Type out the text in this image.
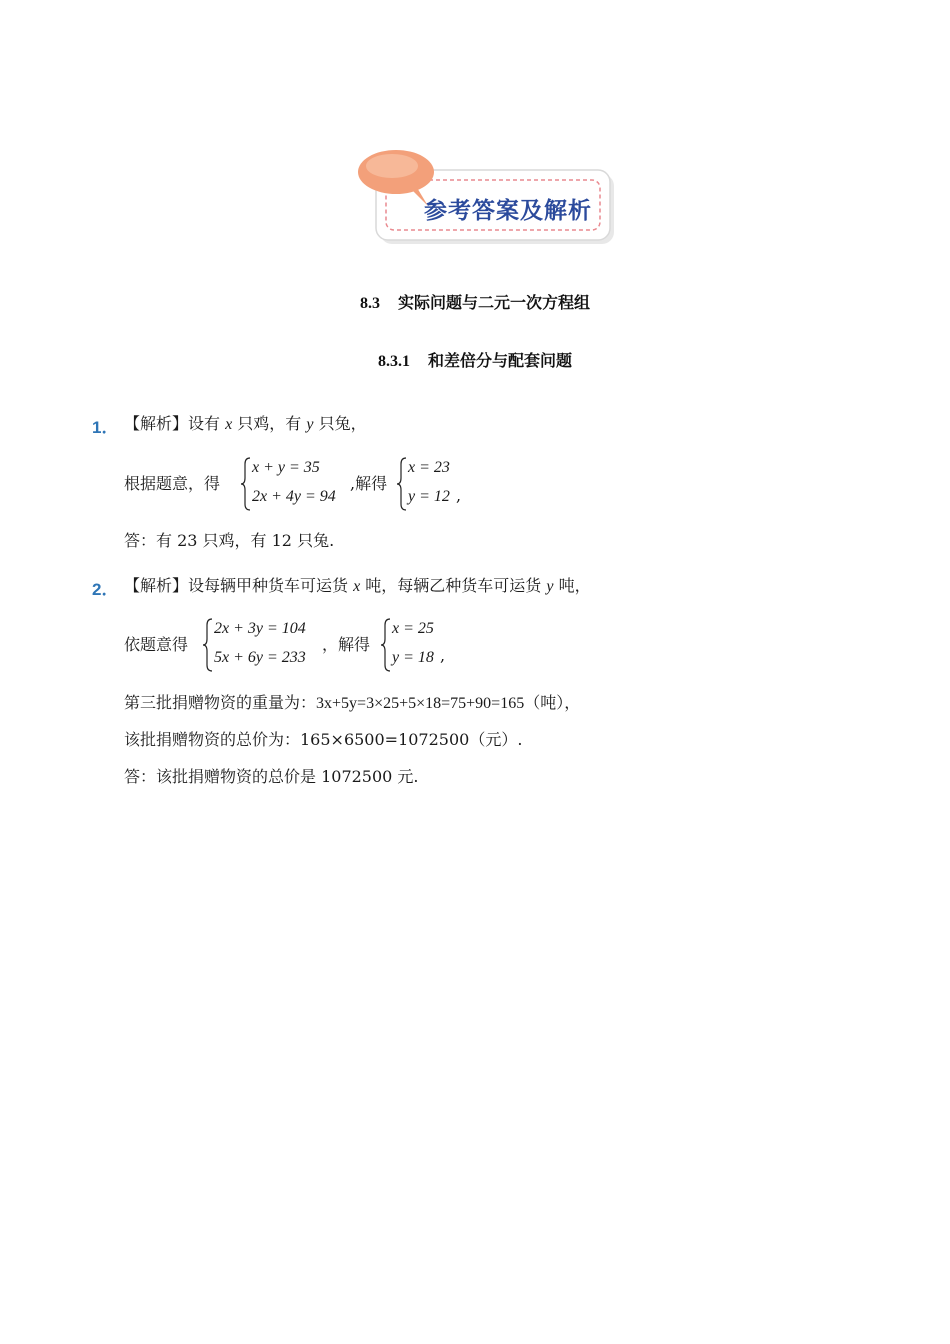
参考答案及解析
8.3 实际问题与二元一次方程组
8.3.1 和差倍分与配套问题
1． 【解析】设有 x 只鸡，有 y 只兔，
根据题意，得
x + y = 35
2x + 4y = 94
,解得
x = 23
y = 12 ,
答：有 23 只鸡，有 12 只兔.
2． 【解析】设每辆甲种货车可运货 x 吨，每辆乙种货车可运货 y 吨，
依题意得
2x + 3y = 104
5x + 6y = 233
，解得
x = 25
y = 18 ,
第三批捐赠物资的重量为：3x+5y=3×25+5×18=75+90=165（吨），
该批捐赠物资的总价为：165×6500=1072500（元）.
答：该批捐赠物资的总价是 1072500 元.
